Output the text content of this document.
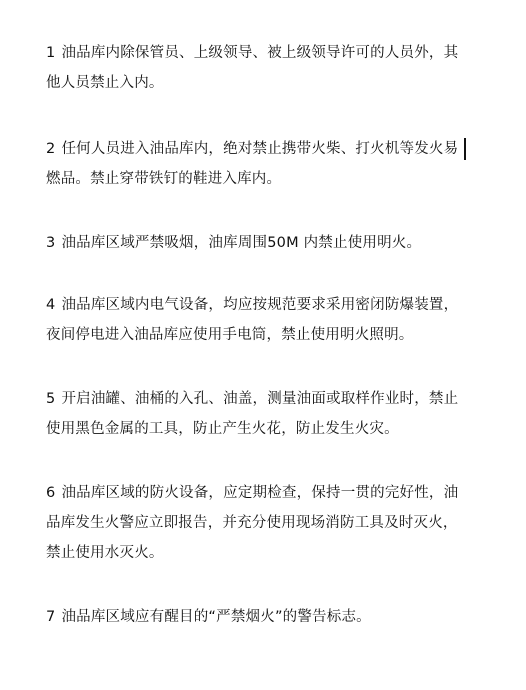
1 油品库内除保管员、上级领导、被上级领导许可的人员外，其
他人员禁止入内。
2 任何人员进入油品库内，绝对禁止携带火柴、打火机等发火易
燃品。禁止穿带铁钉的鞋进入库内。
3 油品库区域严禁吸烟，油库周围50M 内禁止使用明火。
4 油品库区域内电气设备，均应按规范要求采用密闭防爆装置，
夜间停电进入油品库应使用手电筒，禁止使用明火照明。
5 开启油罐、油桶的入孔、油盖，测量油面或取样作业时，禁止
使用黑色金属的工具，防止产生火花，防止发生火灾。
6 油品库区域的防火设备，应定期检查，保持一贯的完好性，油
品库发生火警应立即报告，并充分使用现场消防工具及时灭火，
禁止使用水灭火。
7 油品库区域应有醒目的“严禁烟火”的警告标志。
